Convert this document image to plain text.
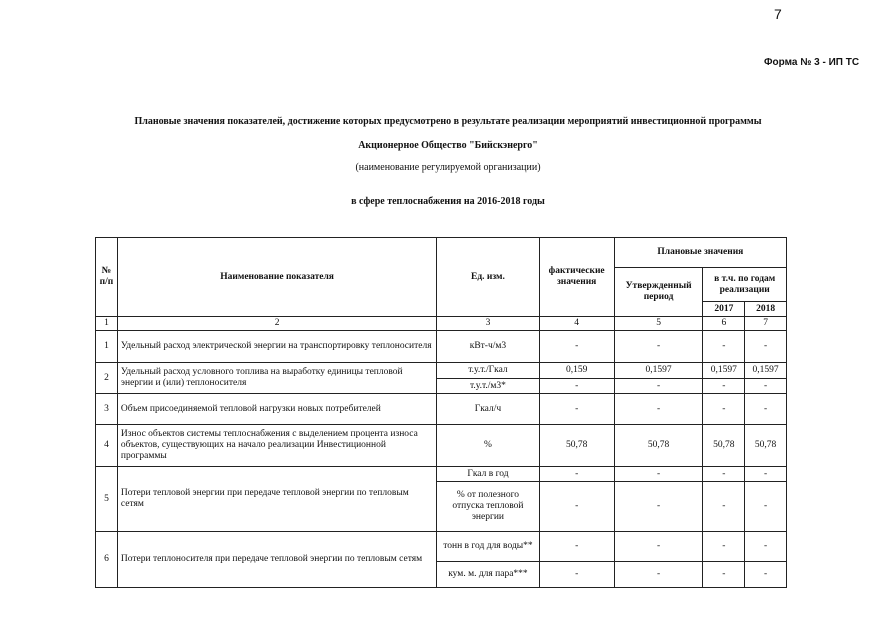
7
Форма № 3 - ИП ТС
Плановые значения показателей, достижение которых предусмотрено в результате реализации мероприятий инвестиционной программы
Акционерное Общество "Бийскэнерго"
(наименование регулируемой организации)
в сфере теплоснабжения на 2016-2018 годы
№ п/п	Наименование показателя	Ед. изм.	фактические значения	Плановые значения		
				Утвержденный период	в т.ч. по годам реализации	
					2017	2018
1	2	3	4	5	6	7
1	Удельный расход электрической энергии на транспортировку теплоносителя	кВт-ч/м3	-	-	-	-
2	Удельный расход условного топлива на выработку единицы тепловой энергии и (или) теплоносителя	т.у.т./Гкал	0,159	0,1597	0,1597	0,1597
		т.у.т./м3*	-	-	-	-
3	Объем присоединяемой тепловой нагрузки новых потребителей	Гкал/ч	-	-	-	-
4	Износ объектов системы теплоснабжения с выделением процента износа объектов, существующих на начало реализации Инвестиционной программы	%	50,78	50,78	50,78	50,78
5	Потери тепловой энергии при передаче тепловой энергии по тепловым сетям	Гкал в год	-	-	-	-
		% от полезного отпуска тепловой энергии	-	-	-	-
6	Потери теплоносителя при передаче тепловой энергии по тепловым сетям	тонн в год для воды**	-	-	-	-
		кум. м. для пара***	-	-	-	-
